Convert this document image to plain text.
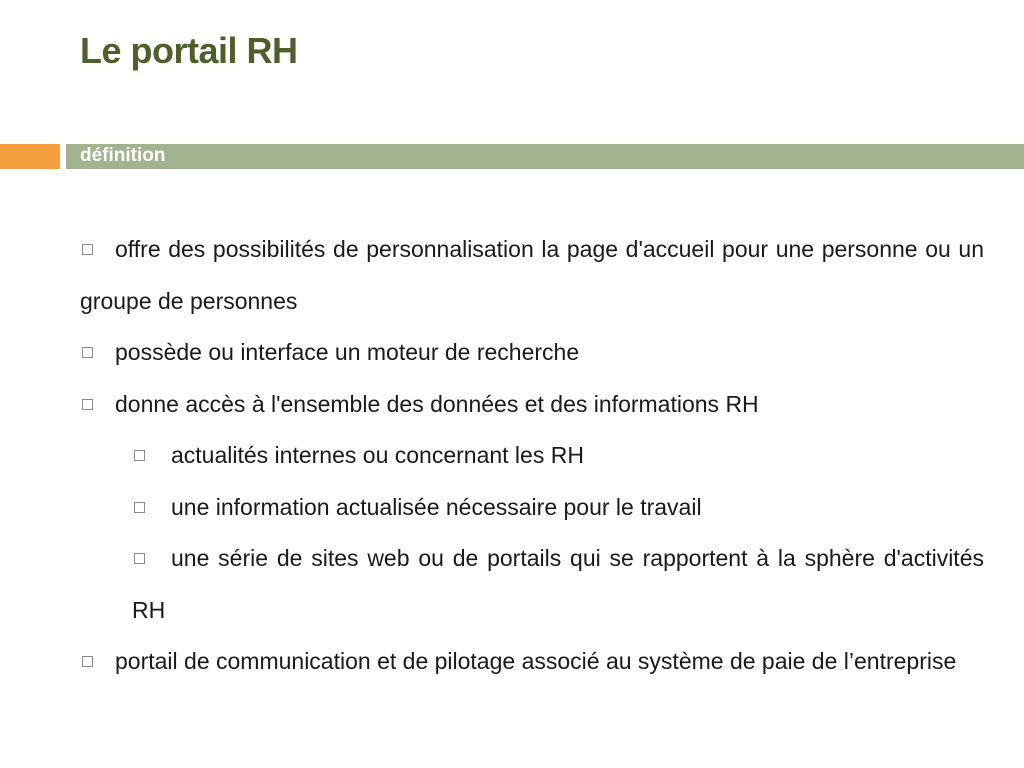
Le portail RH
définition

offre des possibilités de personnalisation la page d'accueil pour une personne ou un groupe de personnes

possède ou interface un moteur de recherche

donne accès à l'ensemble des données et des informations RH

actualités internes ou concernant les RH

une information actualisée nécessaire pour le travail

une série de sites web ou de portails qui se rapportent à la sphère d'activités RH

portail de communication et de pilotage associé au système de paie de l’entreprise
